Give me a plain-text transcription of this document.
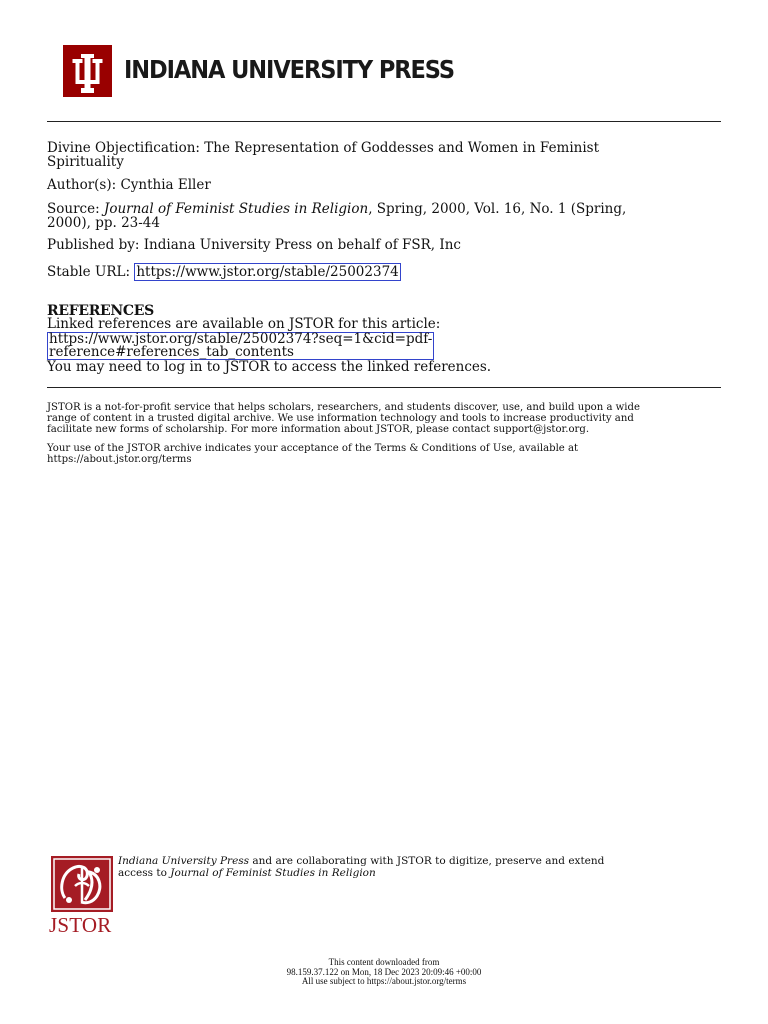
INDIANA UNIVERSITY PRESS
Divine Objectification: The Representation of Goddesses and Women in Feminist
Spirituality
Author(s): Cynthia Eller
Source: Journal of Feminist Studies in Religion, Spring, 2000, Vol. 16, No. 1 (Spring,
2000), pp. 23-44
Published by: Indiana University Press on behalf of FSR, Inc
Stable URL: https://www.jstor.org/stable/25002374
REFERENCES
Linked references are available on JSTOR for this article:
https://www.jstor.org/stable/25002374?seq=1&cid=pdf-
reference#references_tab_contents
You may need to log in to JSTOR to access the linked references.
JSTOR is a not-for-profit service that helps scholars, researchers, and students discover, use, and build upon a wide
range of content in a trusted digital archive. We use information technology and tools to increase productivity and
facilitate new forms of scholarship. For more information about JSTOR, please contact support@jstor.org.
Your use of the JSTOR archive indicates your acceptance of the Terms & Conditions of Use, available at
https://about.jstor.org/terms
JSTOR
Indiana University Press and are collaborating with JSTOR to digitize, preserve and extend
access to Journal of Feminist Studies in Religion
This content downloaded from
98.159.37.122 on Mon, 18 Dec 2023 20:09:46 +00:00
All use subject to https://about.jstor.org/terms
